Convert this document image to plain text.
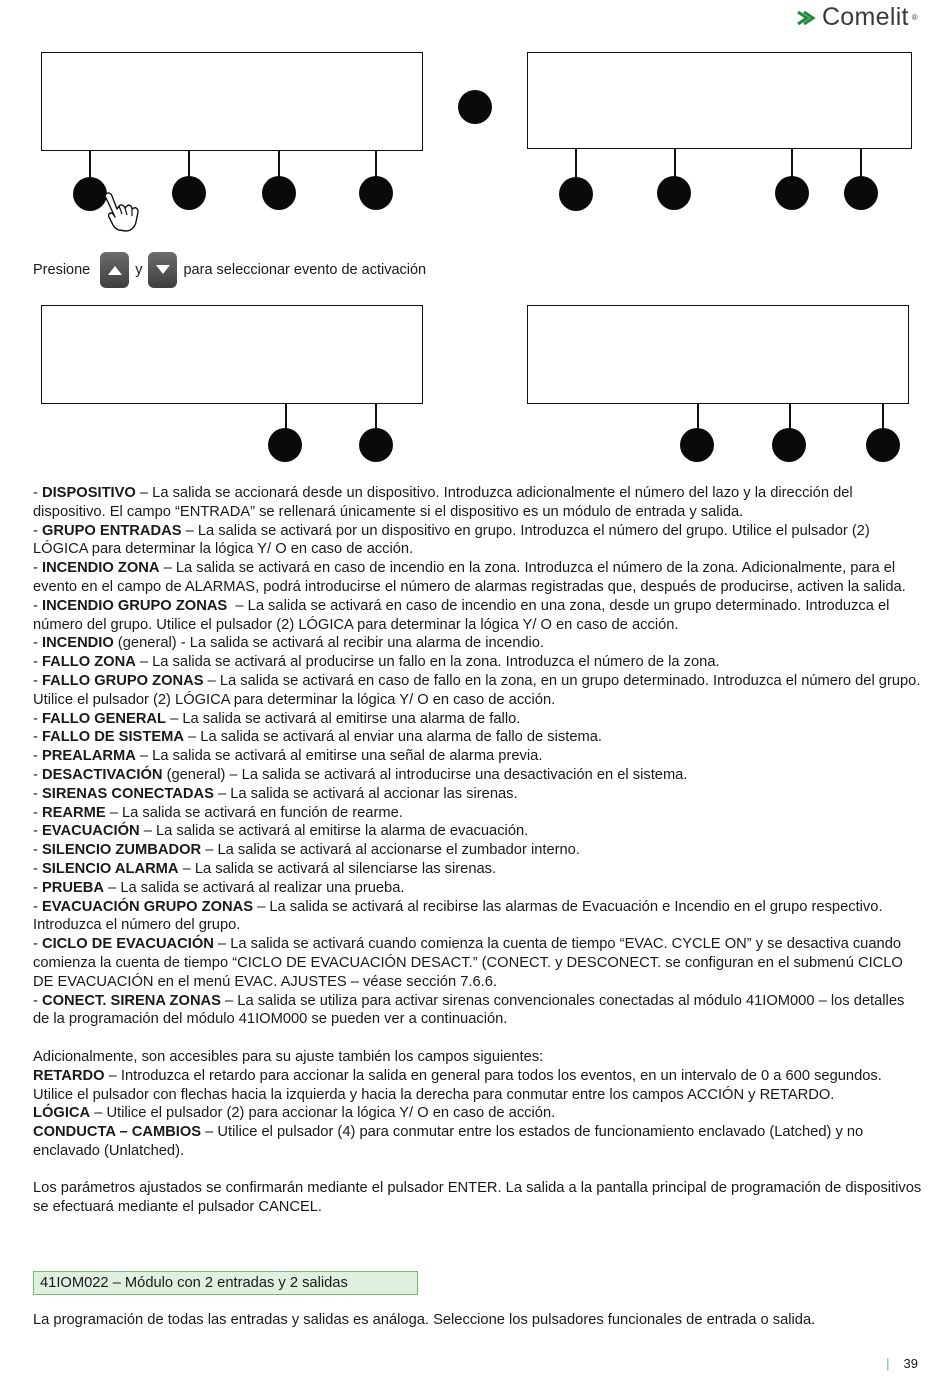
Comelit ®
Presione	y	para seleccionar evento de activación

- DISPOSITIVO – La salida se accionará desde un dispositivo. Introduzca adicionalmente el número del lazo y la dirección del dispositivo. El campo “ENTRADA” se rellenará únicamente si el dispositivo es un módulo de entrada y salida.

- GRUPO ENTRADAS – La salida se activará por un dispositivo en grupo. Introduzca el número del grupo. Utilice el pulsador (2) LÓGICA para determinar la lógica Y/ O en caso de acción.

- INCENDIO ZONA – La salida se activará en caso de incendio en la zona. Introduzca el número de la zona. Adicionalmente, para el evento en el campo de ALARMAS, podrá introducirse el número de alarmas registradas que, después de producirse, activen la salida.

- INCENDIO GRUPO ZONAS  – La salida se activará en caso de incendio en una zona, desde un grupo determinado. Introduzca el número del grupo. Utilice el pulsador (2) LÓGICA para determinar la lógica Y/ O en caso de acción.

- INCENDIO (general) - La salida se activará al recibir una alarma de incendio.

- FALLO ZONA – La salida se activará al producirse un fallo en la zona. Introduzca el número de la zona.

- FALLO GRUPO ZONAS – La salida se activará en caso de fallo en la zona, en un grupo determinado. Introduzca el número del grupo. Utilice el pulsador (2) LÓGICA para determinar la lógica Y/ O en caso de acción.

- FALLO GENERAL – La salida se activará al emitirse una alarma de fallo.

- FALLO DE SISTEMA – La salida se activará al enviar una alarma de fallo de sistema.

- PREALARMA – La salida se activará al emitirse una señal de alarma previa.

- DESACTIVACIÓN (general) – La salida se activará al introducirse una desactivación en el sistema.

- SIRENAS CONECTADAS – La salida se activará al accionar las sirenas.

- REARME – La salida se activará en función de rearme.

- EVACUACIÓN – La salida se activará al emitirse la alarma de evacuación.

- SILENCIO ZUMBADOR – La salida se activará al accionarse el zumbador interno.

- SILENCIO ALARMA – La salida se activará al silenciarse las sirenas.

- PRUEBA – La salida se activará al realizar una prueba.

- EVACUACIÓN GRUPO ZONAS – La salida se activará al recibirse las alarmas de Evacuación e Incendio en el grupo respectivo. Introduzca el número del grupo.

- CICLO DE EVACUACIÓN – La salida se activará cuando comienza la cuenta de tiempo “EVAC. CYCLE ON” y se desactiva cuando comienza la cuenta de tiempo “CICLO DE EVACUACIÓN DESACT.” (CONECT. y DESCONECT. se configuran en el submenú CICLO DE EVACUACIÓN en el menú EVAC. AJUSTES – véase sección 7.6.6.

- CONECT. SIRENA ZONAS – La salida se utiliza para activar sirenas convencionales conectadas al módulo 41IOM000 – los detalles de la programación del módulo 41IOM000 se pueden ver a continuación.

Adicionalmente, son accesibles para su ajuste también los campos siguientes:

RETARDO – Introduzca el retardo para accionar la salida en general para todos los eventos, en un intervalo de 0 a 600 segundos. Utilice el pulsador con flechas hacia la izquierda y hacia la derecha para conmutar entre los campos ACCIÓN y RETARDO.

LÓGICA – Utilice el pulsador (2) para accionar la lógica Y/ O en caso de acción.

CONDUCTA – CAMBIOS – Utilice el pulsador (4) para conmutar entre los estados de funcionamiento enclavado (Latched) y no enclavado (Unlatched).

Los parámetros ajustados se confirmarán mediante el pulsador ENTER. La salida a la pantalla principal de programación de dispositivos se efectuará mediante el pulsador CANCEL.

41IOM022 – Módulo con 2 entradas y 2 salidas
La programación de todas las entradas y salidas es análoga. Seleccione los pulsadores funcionales de entrada o salida.
| 39
